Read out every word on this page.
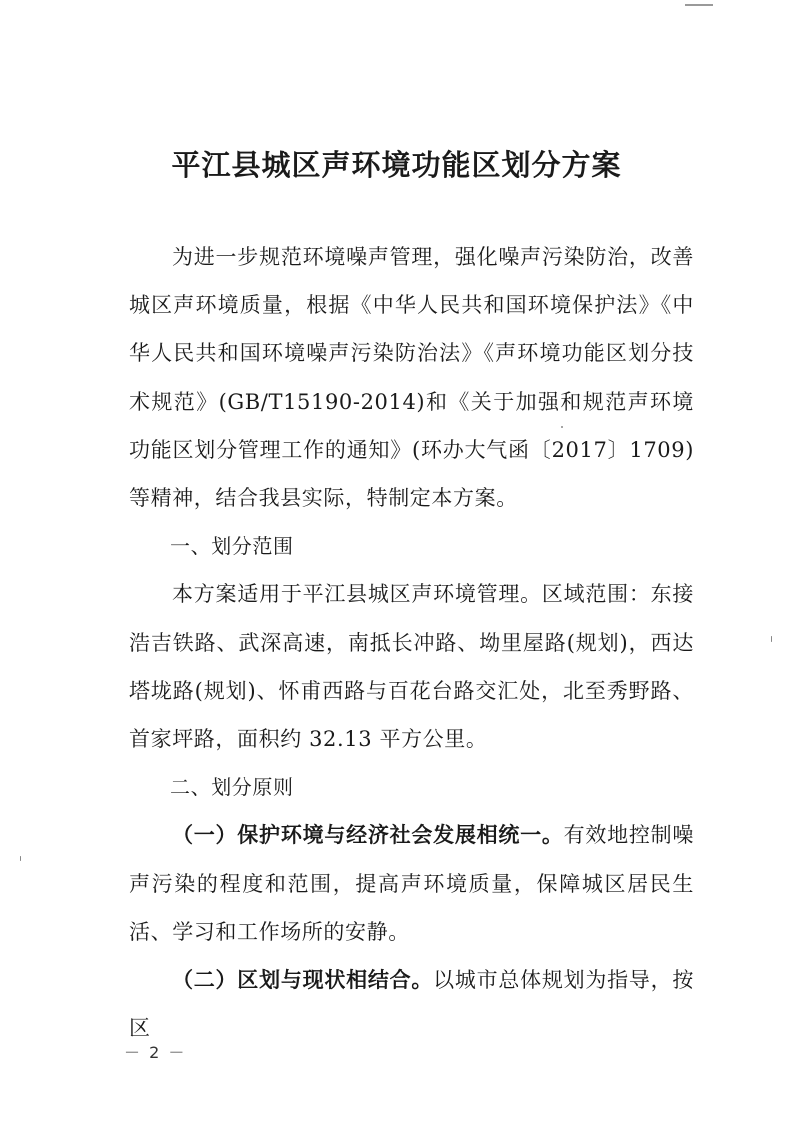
平江县城区声环境功能区划分方案

为进一步规范环境噪声管理，强化噪声污染防治，改善城区声环境质量，根据《中华人民共和国环境保护法》《中华人民共和国环境噪声污染防治法》《声环境功能区划分技术规范》(GB/T15190-2014)和《关于加强和规范声环境功能区划分管理工作的通知》(环办大气函〔2017〕1709)等精神，结合我县实际，特制定本方案。

一、划分范围

本方案适用于平江县城区声环境管理。区域范围：东接浩吉铁路、武深高速，南抵长冲路、坳里屋路(规划)，西达塔垅路(规划)、怀甫西路与百花台路交汇处，北至秀野路、首家坪路，面积约 32.13 平方公里。

二、划分原则

（一）保护环境与经济社会发展相统一。有效地控制噪声污染的程度和范围，提高声环境质量，保障城区居民生活、学习和工作场所的安静。

（二）区划与现状相结合。以城市总体规划为指导，按区

－ 2 －
